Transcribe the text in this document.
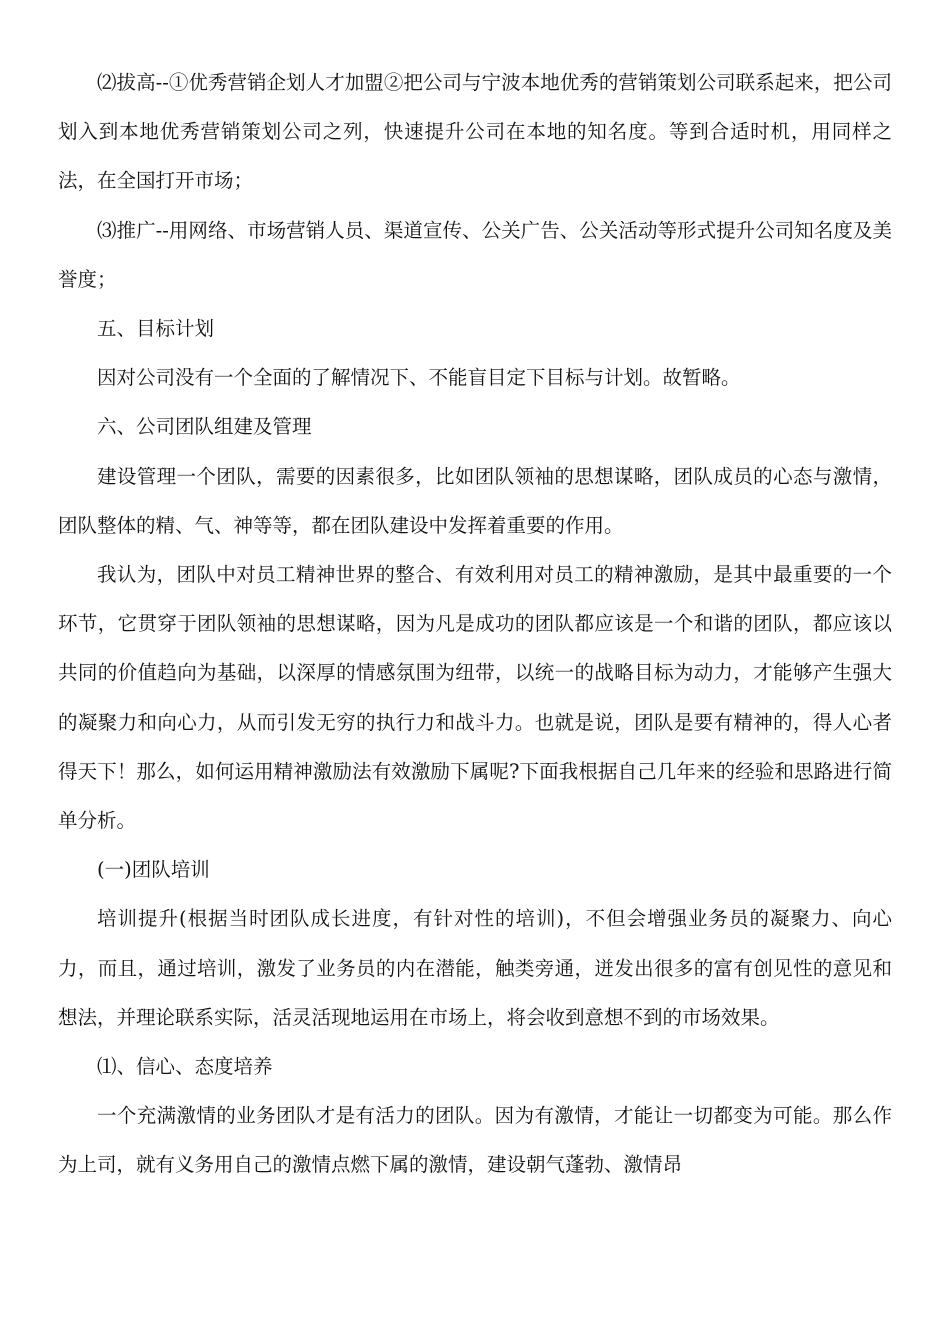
⑵拔高--①优秀营销企划人才加盟②把公司与宁波本地优秀的营销策划公司联系起来，把公司划入到本地优秀营销策划公司之列，快速提升公司在本地的知名度。等到合适时机，用同样之法，在全国打开市场；

⑶推广--用网络、市场营销人员、渠道宣传、公关广告、公关活动等形式提升公司知名度及美誉度；

五、目标计划

因对公司没有一个全面的了解情况下、不能盲目定下目标与计划。故暂略。

六、公司团队组建及管理

建设管理一个团队，需要的因素很多，比如团队领袖的思想谋略，团队成员的心态与激情，团队整体的精、气、神等等，都在团队建设中发挥着重要的作用。

我认为，团队中对员工精神世界的整合、有效利用对员工的精神激励，是其中最重要的一个环节，它贯穿于团队领袖的思想谋略，因为凡是成功的团队都应该是一个和谐的团队，都应该以共同的价值趋向为基础，以深厚的情感氛围为纽带，以统一的战略目标为动力，才能够产生强大的凝聚力和向心力，从而引发无穷的执行力和战斗力。也就是说，团队是要有精神的，得人心者得天下！那么，如何运用精神激励法有效激励下属呢?下面我根据自己几年来的经验和思路进行简单分析。

(一)团队培训

培训提升(根据当时团队成长进度，有针对性的培训)，不但会增强业务员的凝聚力、向心力，而且，通过培训，激发了业务员的内在潜能，触类旁通，迸发出很多的富有创见性的意见和想法，并理论联系实际，活灵活现地运用在市场上，将会收到意想不到的市场效果。

⑴、信心、态度培养

一个充满激情的业务团队才是有活力的团队。因为有激情，才能让一切都变为可能。那么作为上司，就有义务用自己的激情点燃下属的激情，建设朝气蓬勃、激情昂
